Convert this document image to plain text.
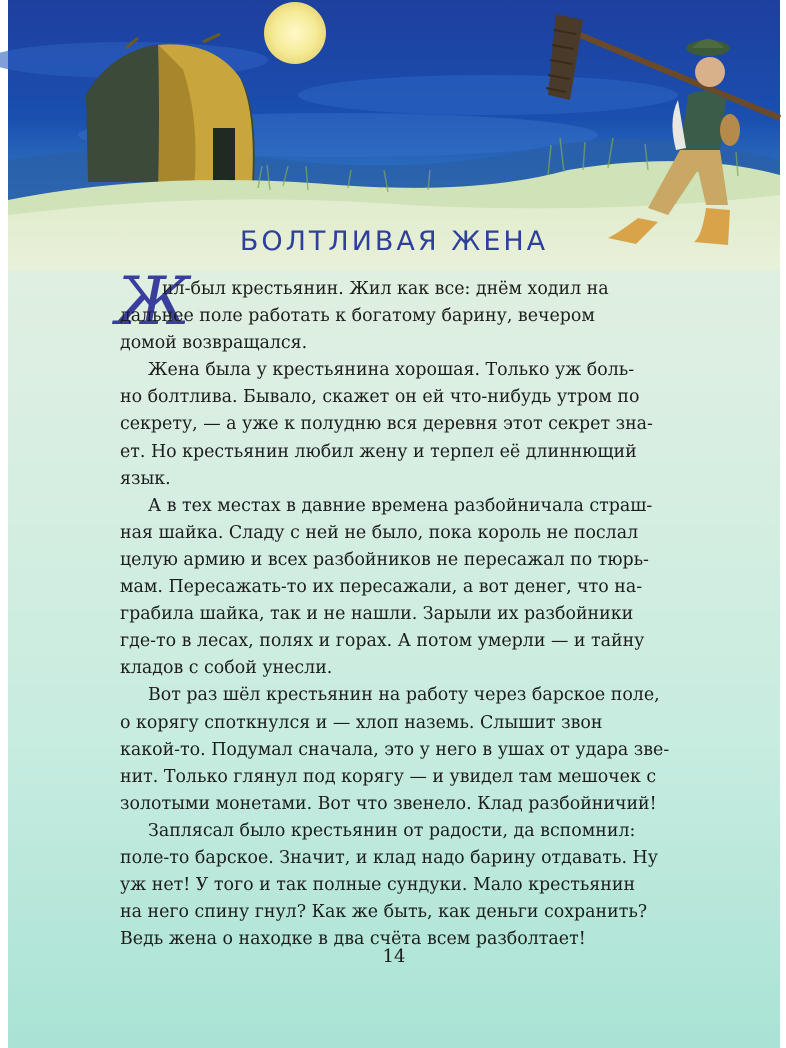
БОЛТЛИВАЯ ЖЕНА
Ж
ил-был крестьянин. Жил как все: днём ходил на
дальнее поле работать к богатому барину, вечером
домой возвращался.
Жена была у крестьянина хорошая. Только уж боль-
но болтлива. Бывало, скажет он ей что-нибудь утром по
секрету, — а уже к полудню вся деревня этот секрет зна-
ет. Но крестьянин любил жену и терпел её длиннющий
язык.
А в тех местах в давние времена разбойничала страш-
ная шайка. Сладу с ней не было, пока король не послал
целую армию и всех разбойников не пересажал по тюрь-
мам. Пересажать-то их пересажали, а вот денег, что на-
грабила шайка, так и не нашли. Зарыли их разбойники
где-то в лесах, полях и горах. А потом умерли — и тайну
кладов с собой унесли.
Вот раз шёл крестьянин на работу через барское поле,
о корягу споткнулся и — хлоп наземь. Слышит звон
какой-то. Подумал сначала, это у него в ушах от удара зве-
нит. Только глянул под корягу — и увидел там мешочек с
золотыми монетами. Вот что звенело. Клад разбойничий!
Заплясал было крестьянин от радости, да вспомнил:
поле-то барское. Значит, и клад надо барину отдавать. Ну
уж нет! У того и так полные сундуки. Мало крестьянин
на него спину гнул? Как же быть, как деньги сохранить?
Ведь жена о находке в два счёта всем разболтает!
14
